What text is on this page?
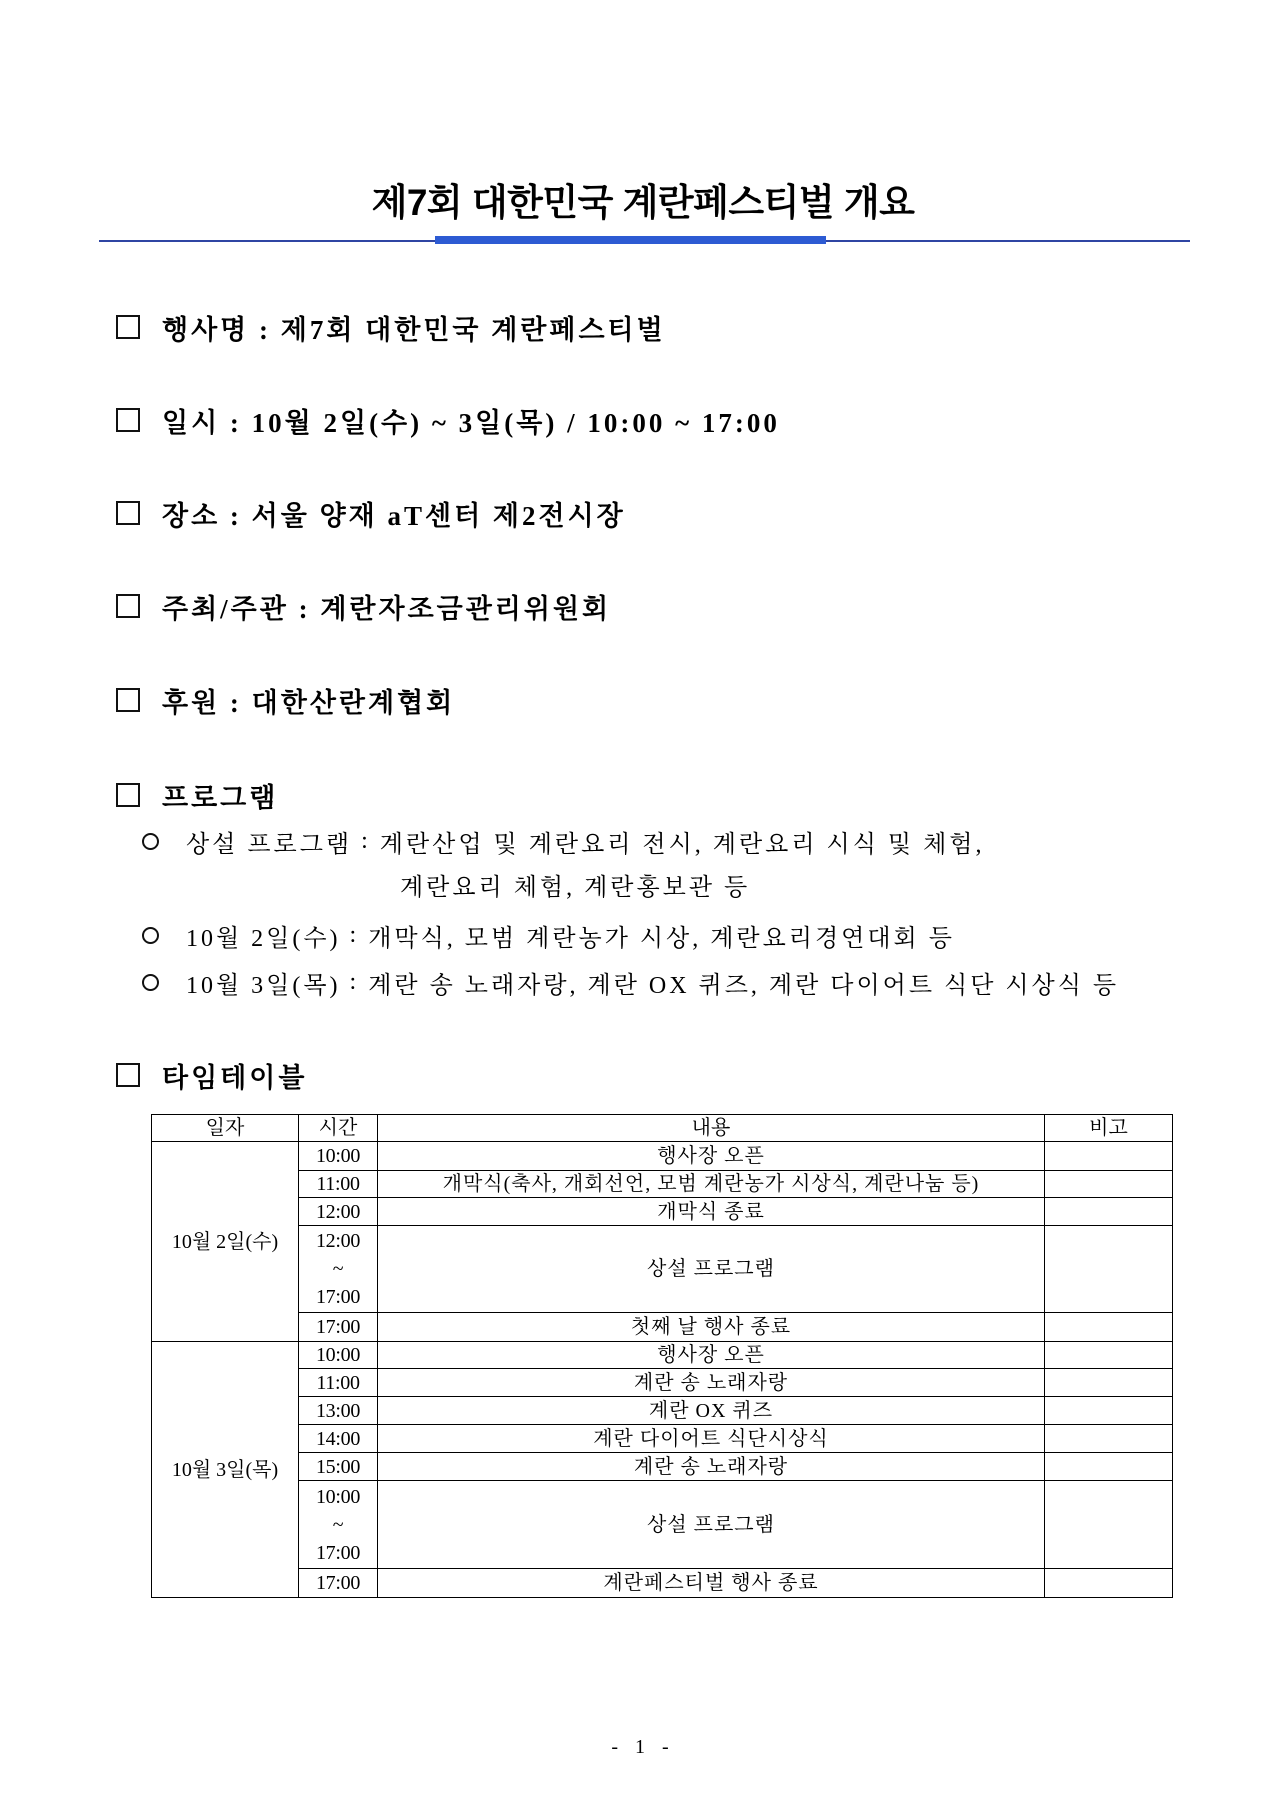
제7회 대한민국 계란페스티벌 개요
행사명 : 제7회 대한민국 계란페스티벌
일시 : 10월 2일(수) ~ 3일(목) / 10:00 ~ 17:00
장소 : 서울 양재 aT센터 제2전시장
주최/주관 : 계란자조금관리위원회
후원 : 대한산란계협회
프로그램
상설 프로그램 : 계란산업 및 계란요리 전시, 계란요리 시식 및 체험,
계란요리 체험, 계란홍보관 등
10월 2일(수) : 개막식, 모범 계란농가 시상, 계란요리경연대회 등
10월 3일(목) : 계란 송 노래자랑, 계란 OX 퀴즈, 계란 다이어트 식단 시상식 등
타임테이블
일자	시간	내용	비고
10월 2일(수)	10:00	행사장 오픈	
	11:00	개막식(축사, 개회선언, 모범 계란농가 시상식, 계란나눔 등)	
	12:00	개막식 종료	

	12:00
~
17:00	상설 프로그램	
	17:00	첫째 날 행사 종료	
10월 3일(목)	10:00	행사장 오픈	
	11:00	계란 송 노래자랑	
	13:00	계란 OX 퀴즈	
	14:00	계란 다이어트 식단시상식	
	15:00	계란 송 노래자랑	

	10:00
~
17:00	상설 프로그램	
	17:00	계란페스티벌 행사 종료	
- 1 -
